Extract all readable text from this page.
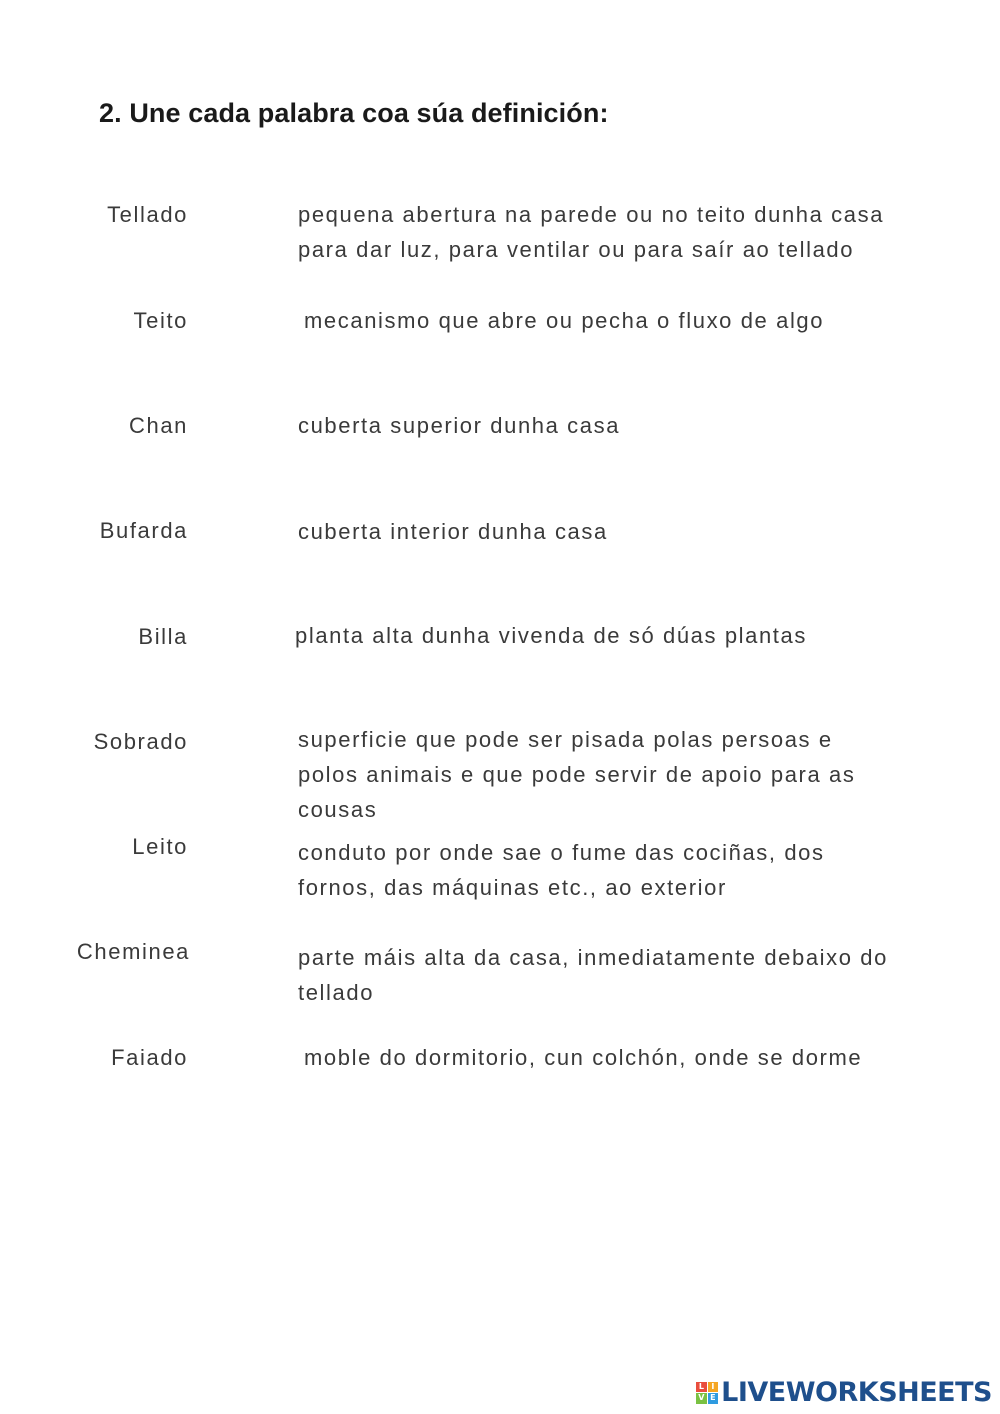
2. Une cada palabra coa súa definición:
Tellado
Teito
Chan
Bufarda
Billa
Sobrado
Leito
Cheminea
Faiado
pequena abertura na parede ou no teito dunha casa para dar luz, para ventilar ou para saír ao tellado
mecanismo que abre ou pecha o fluxo de algo
cuberta superior dunha casa
cuberta interior dunha casa
planta alta dunha vivenda de só dúas plantas
superficie que pode ser pisada polas persoas e polos animais e que pode servir de apoio para as cousas
conduto por onde sae o fume das cociñas, dos fornos, das máquinas etc., ao exterior
parte máis alta da casa, inmediatamente debaixo do tellado
moble do dormitorio, cun colchón, onde se dorme
L I
V E LIVEWORKSHEETS
